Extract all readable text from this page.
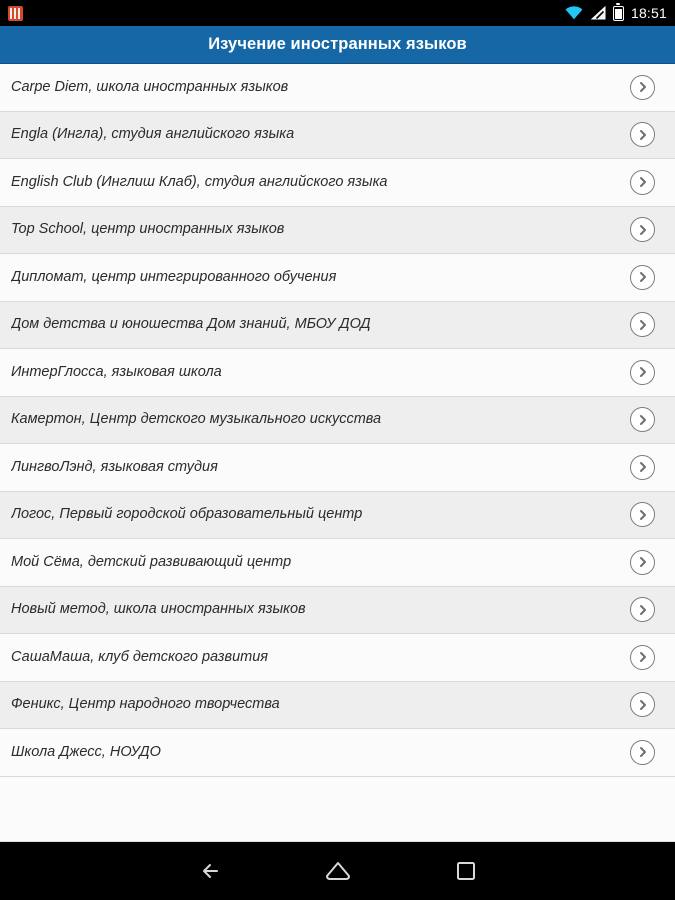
18:51
Изучение иностранных языков
Carpe Diem, школа иностранных языков
Engla (Ингла), студия английского языка
English Club (Инглиш Клаб), студия английского языка
Top School, центр иностранных языков
Дипломат, центр интегрированного обучения
Дом детства и юношества Дом знаний, МБОУ ДОД
ИнтерГлосса, языковая школа
Камертон, Центр детского музыкального искусства
ЛингвоЛэнд, языковая студия
Логос, Первый городской образовательный центр
Мой Сёма, детский развивающий центр
Новый метод, школа иностранных языков
СашаМаша, клуб детского развития
Феникс, Центр народного творчества
Школа Джесс, НОУДО
